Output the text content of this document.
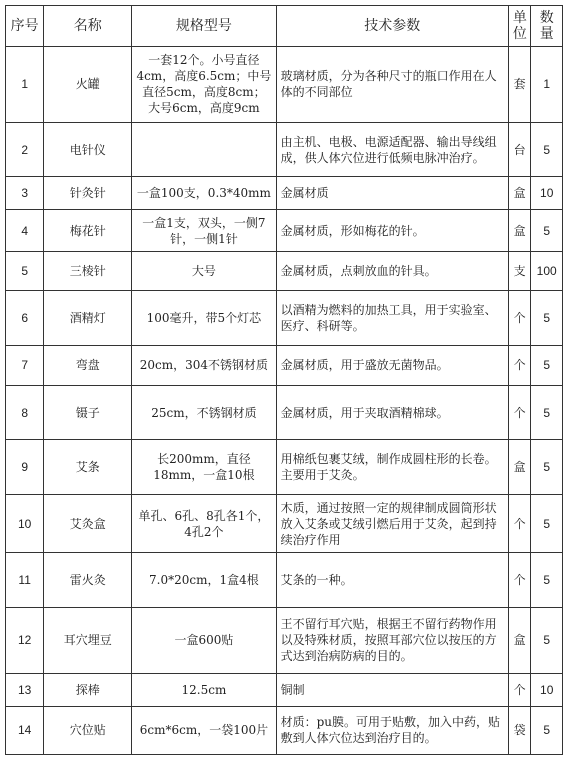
序号	名称	规格型号	技术参数	单位	数量
1	火罐	一套12个。小号直径4cm，高度6.5cm；中号直径5cm，高度8cm；大号6cm，高度9cm	玻璃材质，分为各种尺寸的瓶口作用在人体的不同部位	套	1
2	电针仪		由主机、电极、电源适配器、输出导线组成，供人体穴位进行低频电脉冲治疗。	台	5
3	针灸针	一盒100支，0.3*40mm	金属材质	盒	10
4	梅花针	一盒1支，双头，一侧7针，一侧1针	金属材质，形如梅花的针。	盒	5
5	三棱针	大号	金属材质，点刺放血的针具。	支	100
6	酒精灯	100毫升，带5个灯芯	以酒精为燃料的加热工具，用于实验室、医疗、科研等。	个	5
7	弯盘	20cm，304不锈钢材质	金属材质，用于盛放无菌物品。	个	5
8	镊子	25cm，不锈钢材质	金属材质，用于夹取酒精棉球。	个	5
9	艾条	长200mm，直径18mm，一盒10根	用棉纸包裹艾绒，制作成圆柱形的长卷。主要用于艾灸。	盒	5
10	艾灸盒	单孔、6孔、8孔各1个，4孔2个	木质，通过按照一定的规律制成圆筒形状放入艾条或艾绒引燃后用于艾灸，起到持续治疗作用	个	5
11	雷火灸	7.0*20cm，1盒4根	艾条的一种。	个	5
12	耳穴埋豆	一盒600贴	王不留行耳穴贴，根据王不留行药物作用以及特殊材质，按照耳部穴位以按压的方式达到治病防病的目的。	盒	5
13	探棒	12.5cm	铜制	个	10
14	穴位贴	6cm*6cm，一袋100片	材质：pu膜。可用于贴敷，加入中药，贴敷到人体穴位达到治疗目的。	袋	5
